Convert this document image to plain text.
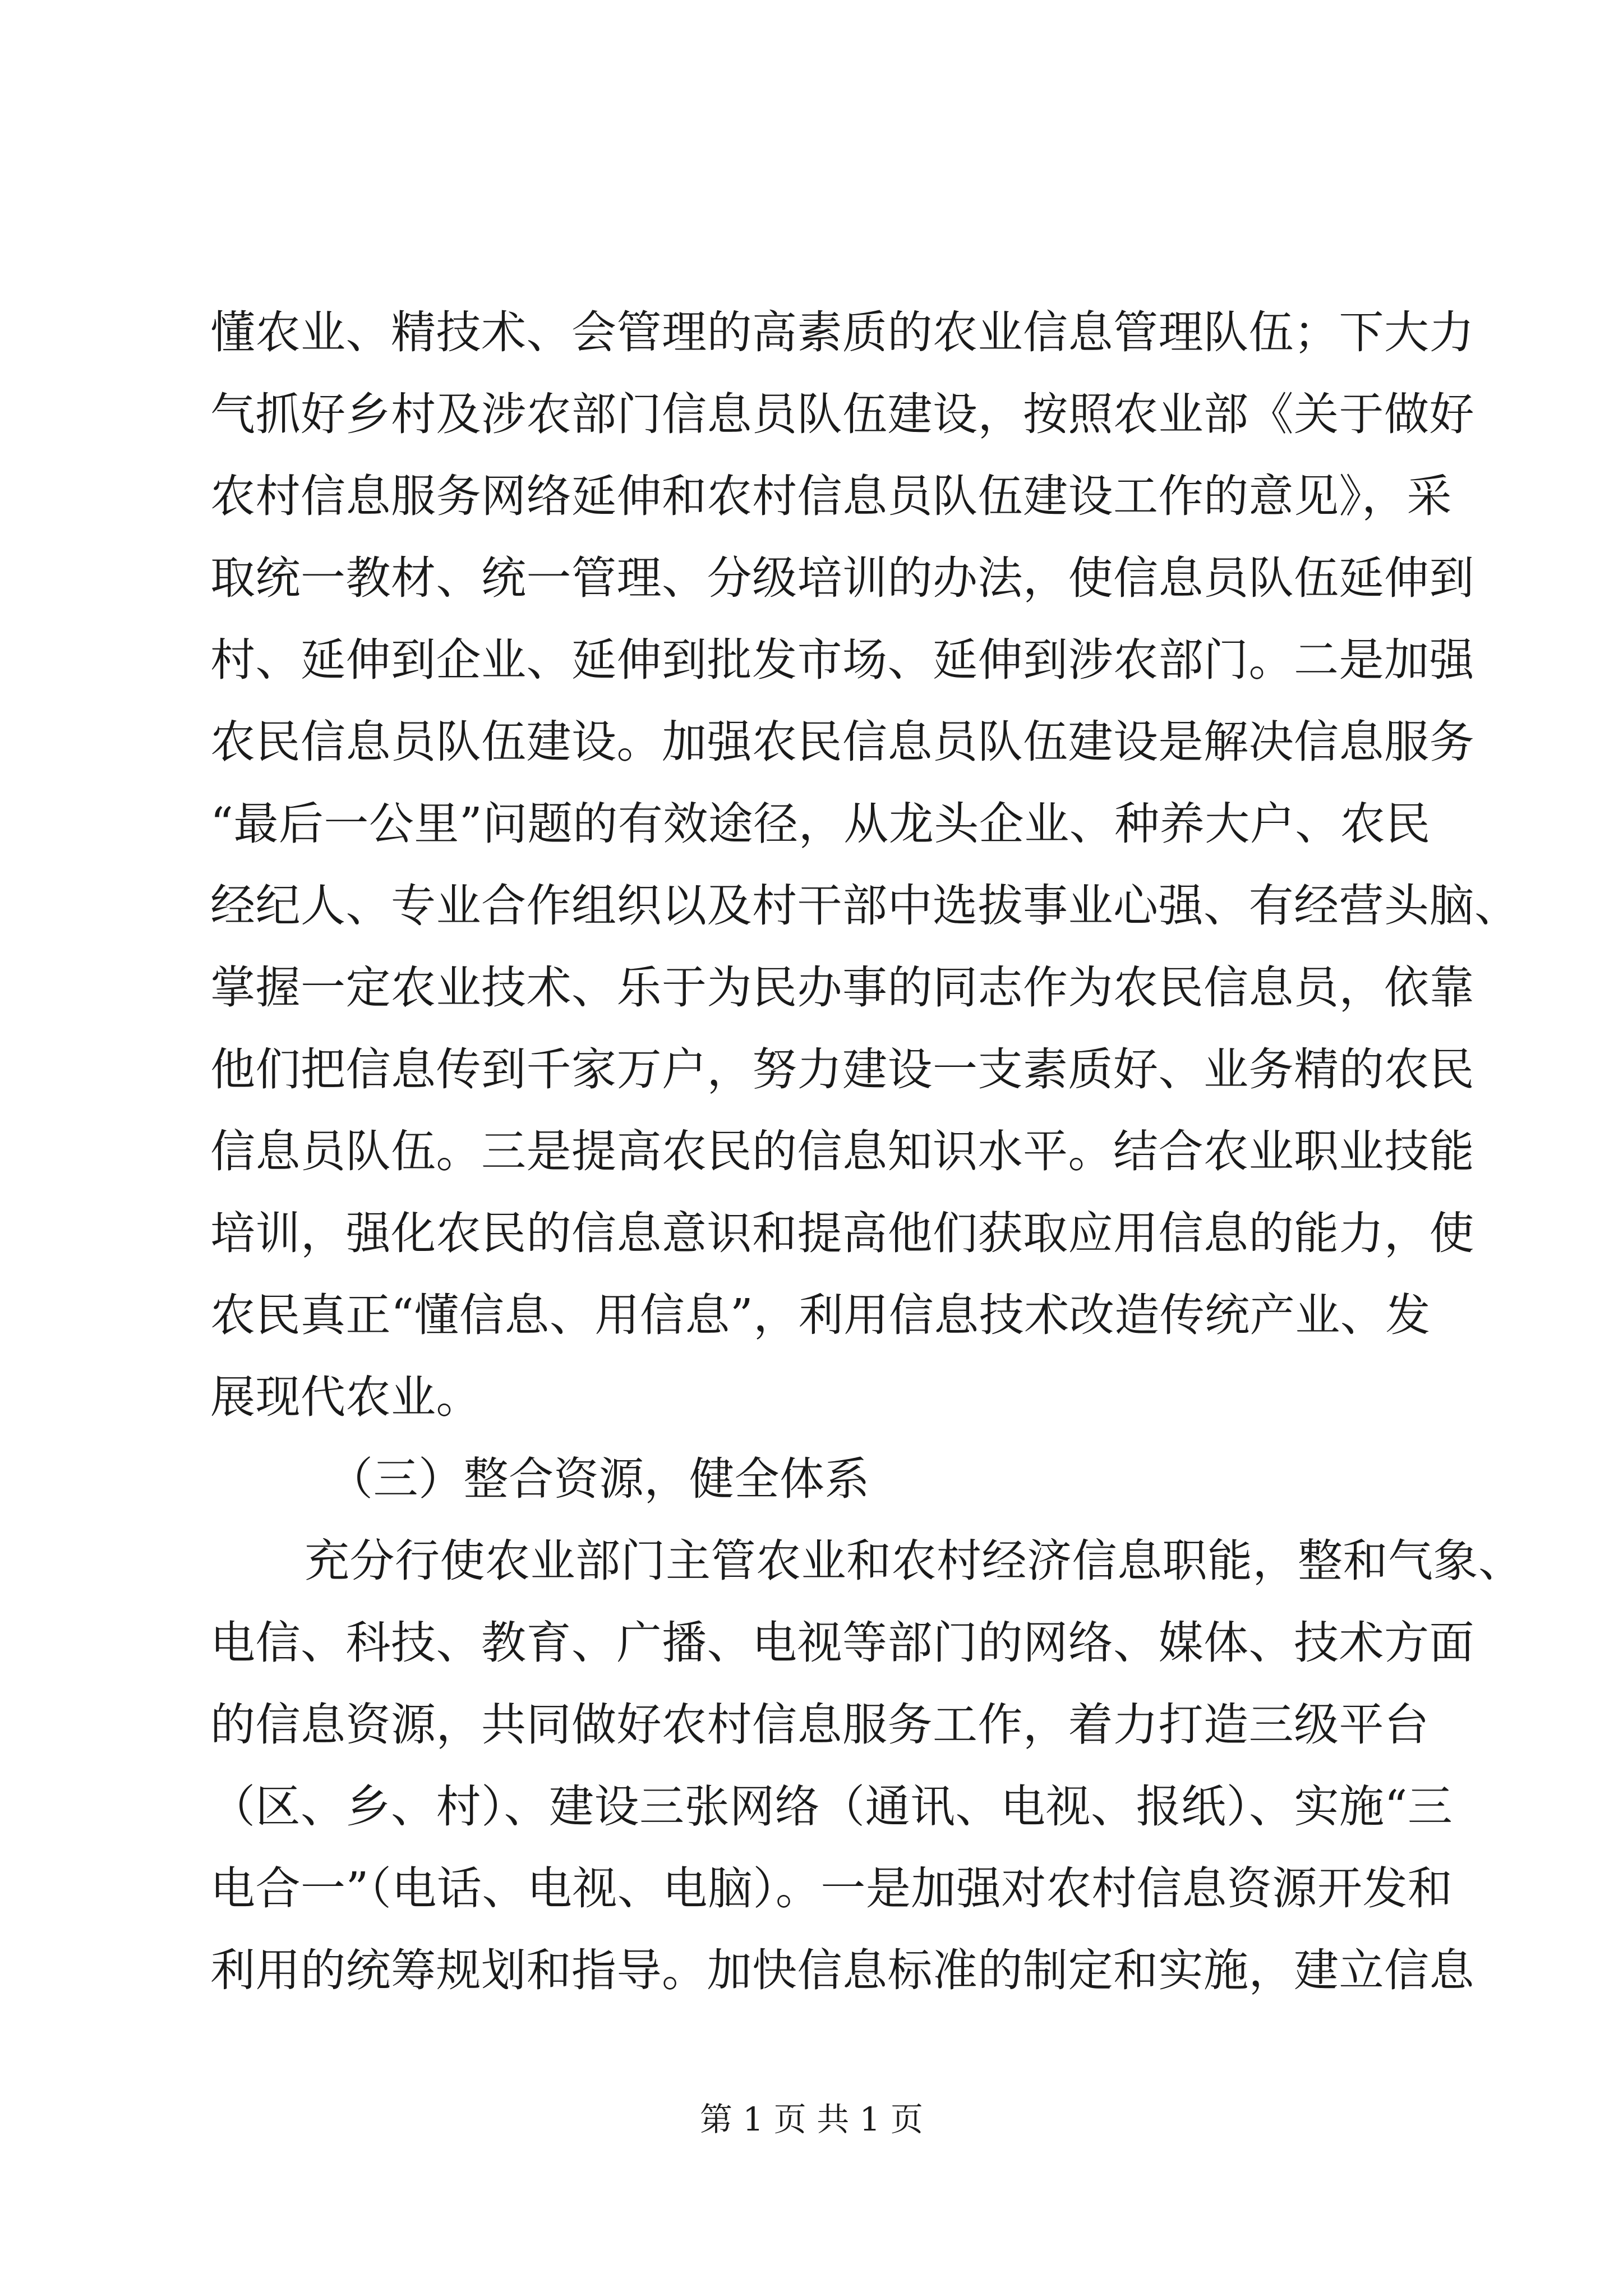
懂农业、精技术、会管理的高素质的农业信息管理队伍；下大力
气抓好乡村及涉农部门信息员队伍建设，按照农业部《关于做好
农村信息服务网络延伸和农村信息员队伍建设工作的意见》，采
取统一教材、统一管理、分级培训的办法，使信息员队伍延伸到
村、延伸到企业、延伸到批发市场、延伸到涉农部门。二是加强
农民信息员队伍建设。加强农民信息员队伍建设是解决信息服务
“最后一公里”问题的有效途径，从龙头企业、种养大户、农民
经纪人、专业合作组织以及村干部中选拔事业心强、有经营头脑、
掌握一定农业技术、乐于为民办事的同志作为农民信息员，依靠
他们把信息传到千家万户，努力建设一支素质好、业务精的农民
信息员队伍。三是提高农民的信息知识水平。结合农业职业技能
培训，强化农民的信息意识和提高他们获取应用信息的能力，使
农民真正“懂信息、用信息”，利用信息技术改造传统产业、发
展现代农业。
（三）整合资源，健全体系
充分行使农业部门主管农业和农村经济信息职能，整和气象、
电信、科技、教育、广播、电视等部门的网络、媒体、技术方面
的信息资源，共同做好农村信息服务工作，着力打造三级平台
（区、乡、村）、建设三张网络（通讯、电视、报纸）、实施“三
电合一”（电话、电视、电脑）。一是加强对农村信息资源开发和
利用的统筹规划和指导。加快信息标准的制定和实施，建立信息
第 1 页 共 1 页
